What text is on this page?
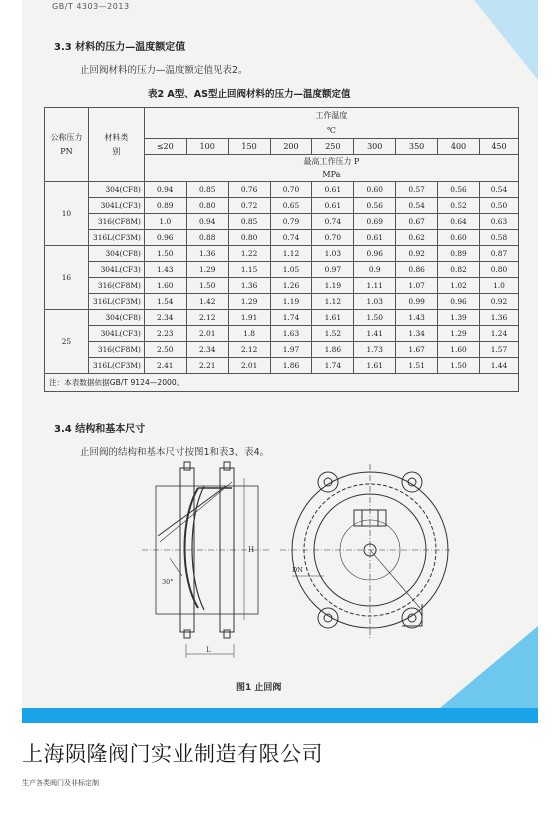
GB/T 4303—2013
3.3 材料的压力—温度额定值
止回阀材料的压力—温度额定值见表2。
表2 A型、AS型止回阀材料的压力—温度额定值
公称压力PN	材料类别	工作温度								
		℃								
		≤20	100	150	200	250	300	350	400	450
		最高工作压力 P
MPa								
10	304(CF8)	0.94	0.85	0.76	0.70	0.61	0.60	0.57	0.56	0.54
	304L(CF3)	0.89	0.80	0.72	0.65	0.61	0.56	0.54	0.52	0.50
	316(CF8M)	1.0	0.94	0.85	0.79	0.74	0.69	0.67	0.64	0.63
	316L(CF3M)	0.96	0.88	0.80	0.74	0.70	0.61	0.62	0.60	0.58
16	304(CF8)	1.50	1.36	1.22	1.12	1.03	0.96	0.92	0.89	0.87
	304L(CF3)	1.43	1.29	1.15	1.05	0.97	0.9	0.86	0.82	0.80
	316(CF8M)	1.60	1.50	1.36	1.26	1.19	1.11	1.07	1.02	1.0
	316L(CF3M)	1.54	1.42	1.29	1.19	1.12	1.03	0.99	0.96	0.92
25	304(CF8)	2.34	2.12	1.91	1.74	1.61	1.50	1.43	1.39	1.36
	304L(CF3)	2.23	2.01	1.8	1.63	1.52	1.41	1.34	1.29	1.24
	316(CF8M)	2.50	2.34	2.12	1.97	1.86	1.73	1.67	1.60	1.57
	316L(CF3M)	2.41	2.21	2.01	1.86	1.74	1.61	1.51	1.50	1.44
注：本表数据依据GB/T 9124—2000。										
3.4 结构和基本尺寸
止回阀的结构和基本尺寸按图1和表3、表4。
图1 止回阀
H
L
30°
DN
上海陨隆阀门实业制造有限公司
生产各类阀门及非标定制
